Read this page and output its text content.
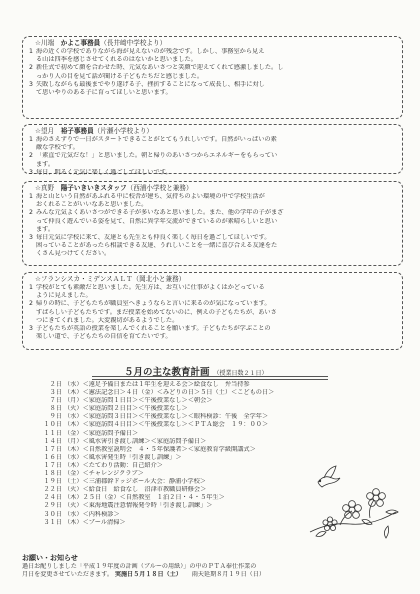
☆川端　かよこ事務員（長井﨑中学校より）
1 海の近くの学校でありながら海が見えないのが残念です。しかし、事務室から見え
る山は四季を感じさせてくれるのはないかと思いました。
2 新任式で初めて顔を合わせた時、元気なあいさつと笑顔で迎えてくれて感激しました。し
っかり人の目を見て話が聞ける子どもたちだと感じました。
3 失敗しながらも最後までやり遂げる子、挫折することになって成長し、相手に対し
て思いやりのある子に育ってほしいと思います。
☆望月　裕子事務員（片瀬小学校より）
1 海のさえずりで一日がスタートできることがとてもうれしいです。自然がいっぱいの素
敵な学校です。
2 「素直で元気だな！」と思いました。朝と帰りのあいさつからエネルギーをもらってい
ます。
3 毎日、明るく元気に楽しく過ごしてほしいです。
☆真野　陽子いきいきスタッフ（西浦小学校と兼務）
1 海と山という自然があふれる中に校舎が建ち、気持ちのよい環境の中で学校生活が
おくれることがいいなあと思いました。
2 みんな元気よくあいさつができる子が多いなあと思いました。また、他の学年の子がまざ
って仲良く遊んでいる姿を見て、自然に異学年交流ができているのが素晴らしいと思い
ます。
3 毎日元気に学校に来て、友達とも先生とも仲良く楽しく毎日を過ごしてほしいです。
困っていることがあったら相談できる友達、うれしいことを一緒に喜び合える友達をた
くさん見つけてください。
☆フランシスカ・ミデンスＡＬＴ（岡北小と兼務）
1 学校がとても素敵だと思いました。先生方は、お互いに仕事がよくはかどっている
ように見えました。
2 帰りの時に、子どもたちが職員室へきょうならと言いに来るのが気になっています。
すばらしい子どもたちです。まだ授業を始めてないのに、例えの子どもたちが、あいさ
つにきてくれました。大変親切があるようでした。
3 子どもたちが英語の授業を楽しんでくれることを願います。子どもたちが学ぶことの
楽しい道で、子どもたちの自信を育てたいです。
５月の主な教育計画 （授業日数２１日）
２日 （水）＜遠足予備日または１年生を迎える会＞絵食なし　弁当持参
３日 （木）＜憲法記念日＞４日（金）＜みどりの日＞５日（土）＜こどもの日＞
７日 （月）＜家庭訪問１日目＞＜午後授業なし＞＜朝会＞
８日 （火）＜家庭訪問２日目＞＜午後授業なし＞
９日 （水）＜家庭訪問３日目＞＜午後授業なし＞＜眼科検診：午後　全学年＞
１０日 （木）＜家庭訪問４日目＞＜午後授業なし＞＜ＰＴＡ総会　１９：００＞
１１日 （金）＜家庭訪問予備日＞
１４日 （月）＜風水害引き渡し訓練＞＜家庭訪問予備日＞
１７日 （木）＜自然教室説明会　４・５年保護者＞＜家庭教育学級開講式＞
１６日 （水）＜風水害発生時「引き渡し訓練」＞
１７日 （木）＜たてわり活動：自己紹介＞
１８日 （金）＜チャレンジクラブ＞
１９日 （土）＜三浦郡幹ドッジボール大会：静浦小学校＞
２２日 （火）＜給食日　給食なし　沼津市教職員研修会＞
２４日 （木）２５日（金）＜自然教室　１泊２日・４・５年生＞
２９日 （火）＜東海地震注意情報発令時「引き渡し訓練」＞
３０日 （水）＜内科検診＞
３１日 （木）＜プール清掃＞
お願い・お知らせ
過日お配りしました「平成１９年度の計画（ブルーの用紙）」の中のＰＴＡ奉仕作業の
月日を変更させていただきます。 実施日５月１８日（土） 雨天延期８月１９日（日）
